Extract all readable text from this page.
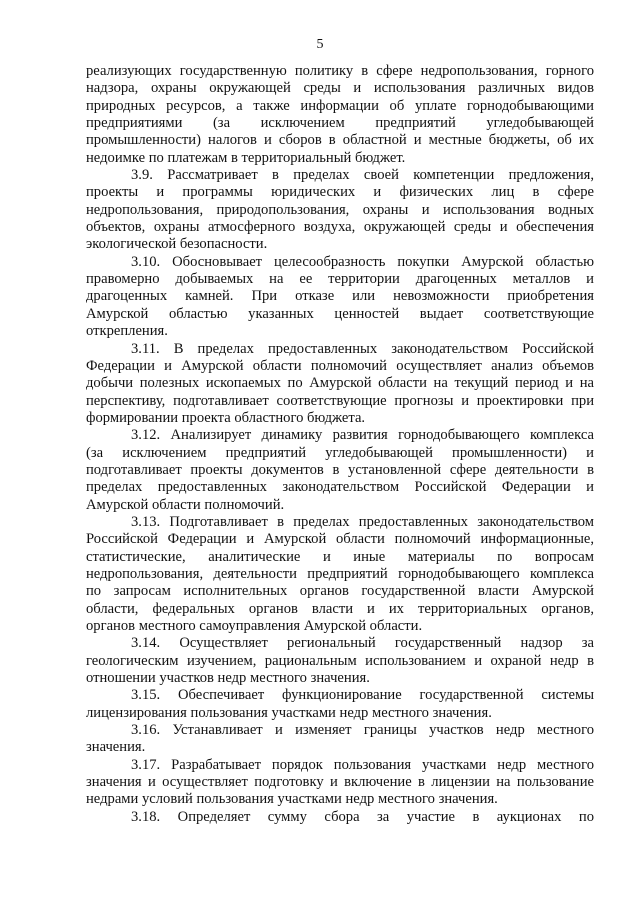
5
реализующих государственную политику в сфере недропользования, горного
надзора, охраны окружающей среды и использования различных видов
природных ресурсов, а также информации об уплате горнодобывающими
предприятиями (за исключением предприятий угледобывающей
промышленности) налогов и сборов в областной и местные бюджеты, об их
недоимке по платежам в территориальный бюджет.
3.9. Рассматривает в пределах своей компетенции предложения,
проекты и программы юридических и физических лиц в сфере
недропользования, природопользования, охраны и использования водных
объектов, охраны атмосферного воздуха, окружающей среды и обеспечения
экологической безопасности.
3.10. Обосновывает целесообразность покупки Амурской областью
правомерно добываемых на ее территории драгоценных металлов и
драгоценных камней. При отказе или невозможности приобретения
Амурской областью указанных ценностей выдает соответствующие
открепления.
3.11. В пределах предоставленных законодательством Российской
Федерации и Амурской области полномочий осуществляет анализ объемов
добычи полезных ископаемых по Амурской области на текущий период и на
перспективу, подготавливает соответствующие прогнозы и проектировки при
формировании проекта областного бюджета.
3.12. Анализирует динамику развития горнодобывающего комплекса
(за исключением предприятий угледобывающей промышленности) и
подготавливает проекты документов в установленной сфере деятельности в
пределах предоставленных законодательством Российской Федерации и
Амурской области полномочий.
3.13. Подготавливает в пределах предоставленных законодательством
Российской Федерации и Амурской области полномочий информационные,
статистические, аналитические и иные материалы по вопросам
недропользования, деятельности предприятий горнодобывающего комплекса
по запросам исполнительных органов государственной власти Амурской
области, федеральных органов власти и их территориальных органов,
органов местного самоуправления Амурской области.
3.14. Осуществляет региональный государственный надзор за
геологическим изучением, рациональным использованием и охраной недр в
отношении участков недр местного значения.
3.15. Обеспечивает функционирование государственной системы
лицензирования пользования участками недр местного значения.
3.16. Устанавливает и изменяет границы участков недр местного
значения.
3.17. Разрабатывает порядок пользования участками недр местного
значения и осуществляет подготовку и включение в лицензии на пользование
недрами условий пользования участками недр местного значения.
3.18. Определяет сумму сбора за участие в аукционах по
